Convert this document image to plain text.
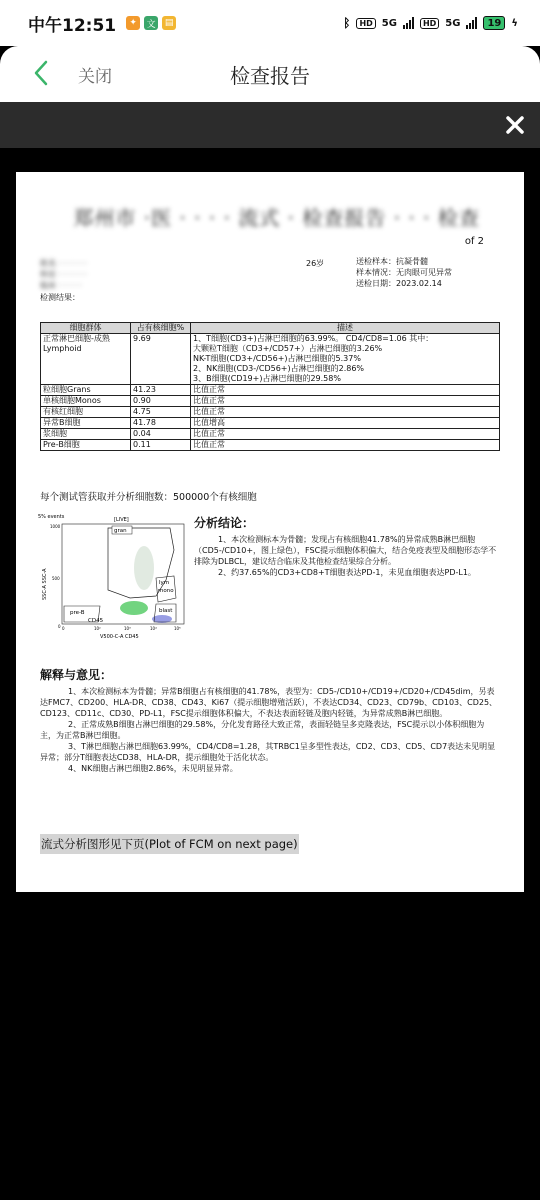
中午12:51	✦	文	▤	ᛒ	HD 5G	HD 5G	19 ϟ
关闭	检查报告
郑州市 ·医 · · · · 流式 · 检查报告 · · · 检查
of 2
姓名 · · · · · ·
科室 · · · · · ·
临床 · · · · ·

检测结果：
26岁	送检样本：抗凝骨髓
样本情况：无肉眼可见异常
送检日期：2023.02.14
细胞群体	占有核细胞%	描述
正常淋巴细胞-成熟 Lymphoid	9.69	1、T细胞(CD3+)占淋巴细胞的63.99%。 CD4/CD8=1.06 其中：
大颗粒T细胞（CD3+/CD57+）占淋巴细胞的3.26%
NK-T细胞(CD3+/CD56+)占淋巴细胞的5.37%
2、NK细胞(CD3-/CD56+)占淋巴细胞的2.86%
3、B细胞(CD19+)占淋巴细胞的29.58%

粒细胞Grans	41.23	比值正常

单核细胞Monos	0.90	比值正常

有核红细胞	4.75	比值正常

异常B细胞	41.78	比值增高

浆细胞	0.04	比值正常

Pre-B细胞	0.11	比值正常
每个测试管获取并分析细胞数：500000个有核细胞
5% events	[LIVE]
SSC-A SSC-A
1000
500
0
gran
lym
mono
blast
pre-B
CD45
0	10²	10³	10⁴	10⁵
V500-C-A CD45
分析结论：

1、本次检测标本为骨髓；发现占有核细胞41.78%的异常成熟B淋巴细胞（CD5-/CD10+，图上绿色），FSC提示细胞体积偏大，结合免疫表型及细胞形态学不排除为DLBCL，建议结合临床及其他检查结果综合分析。

2、约37.65%的CD3+CD8+T细胞表达PD-1，未见血细胞表达PD-L1。

解释与意见：

1、本次检测标本为骨髓；异常B细胞占有核细胞的41.78%，表型为：CD5-/CD10+/CD19+/CD20+/CD45dim，另表达FMC7、CD200、HLA-DR、CD38、CD43、Ki67（提示细胞增殖活跃），不表达CD34、CD23、CD79b、CD103、CD25、CD123、CD11c、CD30、PD-L1，FSC提示细胞体积偏大，不表达表面轻链及胞内轻链，为异常成熟B淋巴细胞。

2、正常成熟B细胞占淋巴细胞的29.58%，分化发育路径大致正常，表面轻链呈多克隆表达，FSC提示以小体积细胞为主，为正常B淋巴细胞。

3、T淋巴细胞占淋巴细胞63.99%，CD4/CD8=1.28，其TRBC1呈多型性表达，CD2、CD3、CD5、CD7表达未见明显异常；部分T细胞表达CD38、HLA-DR，提示细胞处于活化状态。

4、NK细胞占淋巴细胞2.86%，未见明显异常。

流式分析图形见下页(Plot of FCM on next page)
